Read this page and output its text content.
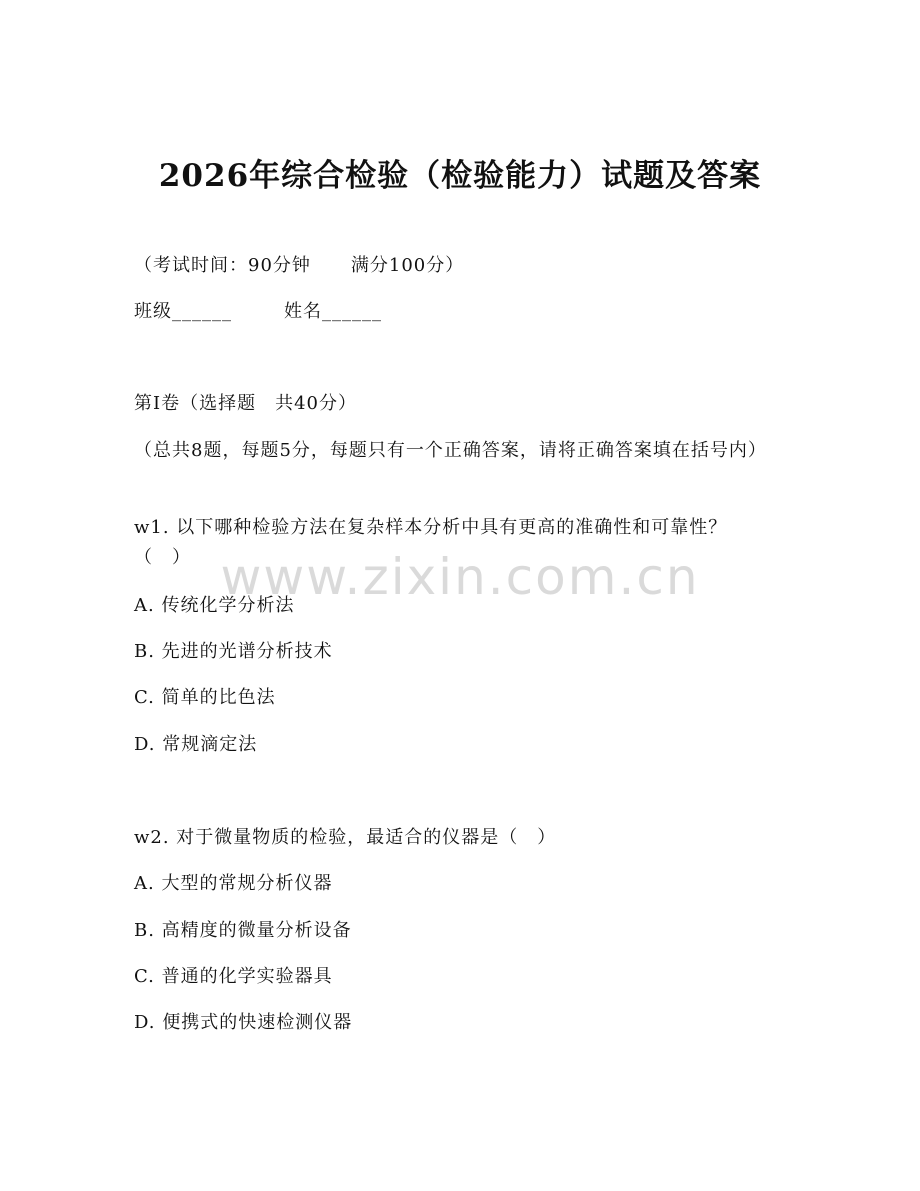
2026年综合检验（检验能力）试题及答案
（考试时间：90分钟 满分100分）
班级______	姓名______
第Ⅰ卷（选择题　共40分）
（总共8题，每题5分，每题只有一个正确答案，请将正确答案填在括号内）
w1. 以下哪种检验方法在复杂样本分析中具有更高的准确性和可靠性？（　）
A. 传统化学分析法
B. 先进的光谱分析技术
C. 简单的比色法
D. 常规滴定法
w2. 对于微量物质的检验，最适合的仪器是（　）
A. 大型的常规分析仪器
B. 高精度的微量分析设备
C. 普通的化学实验器具
D. 便携式的快速检测仪器
www.zixin.com.cn
